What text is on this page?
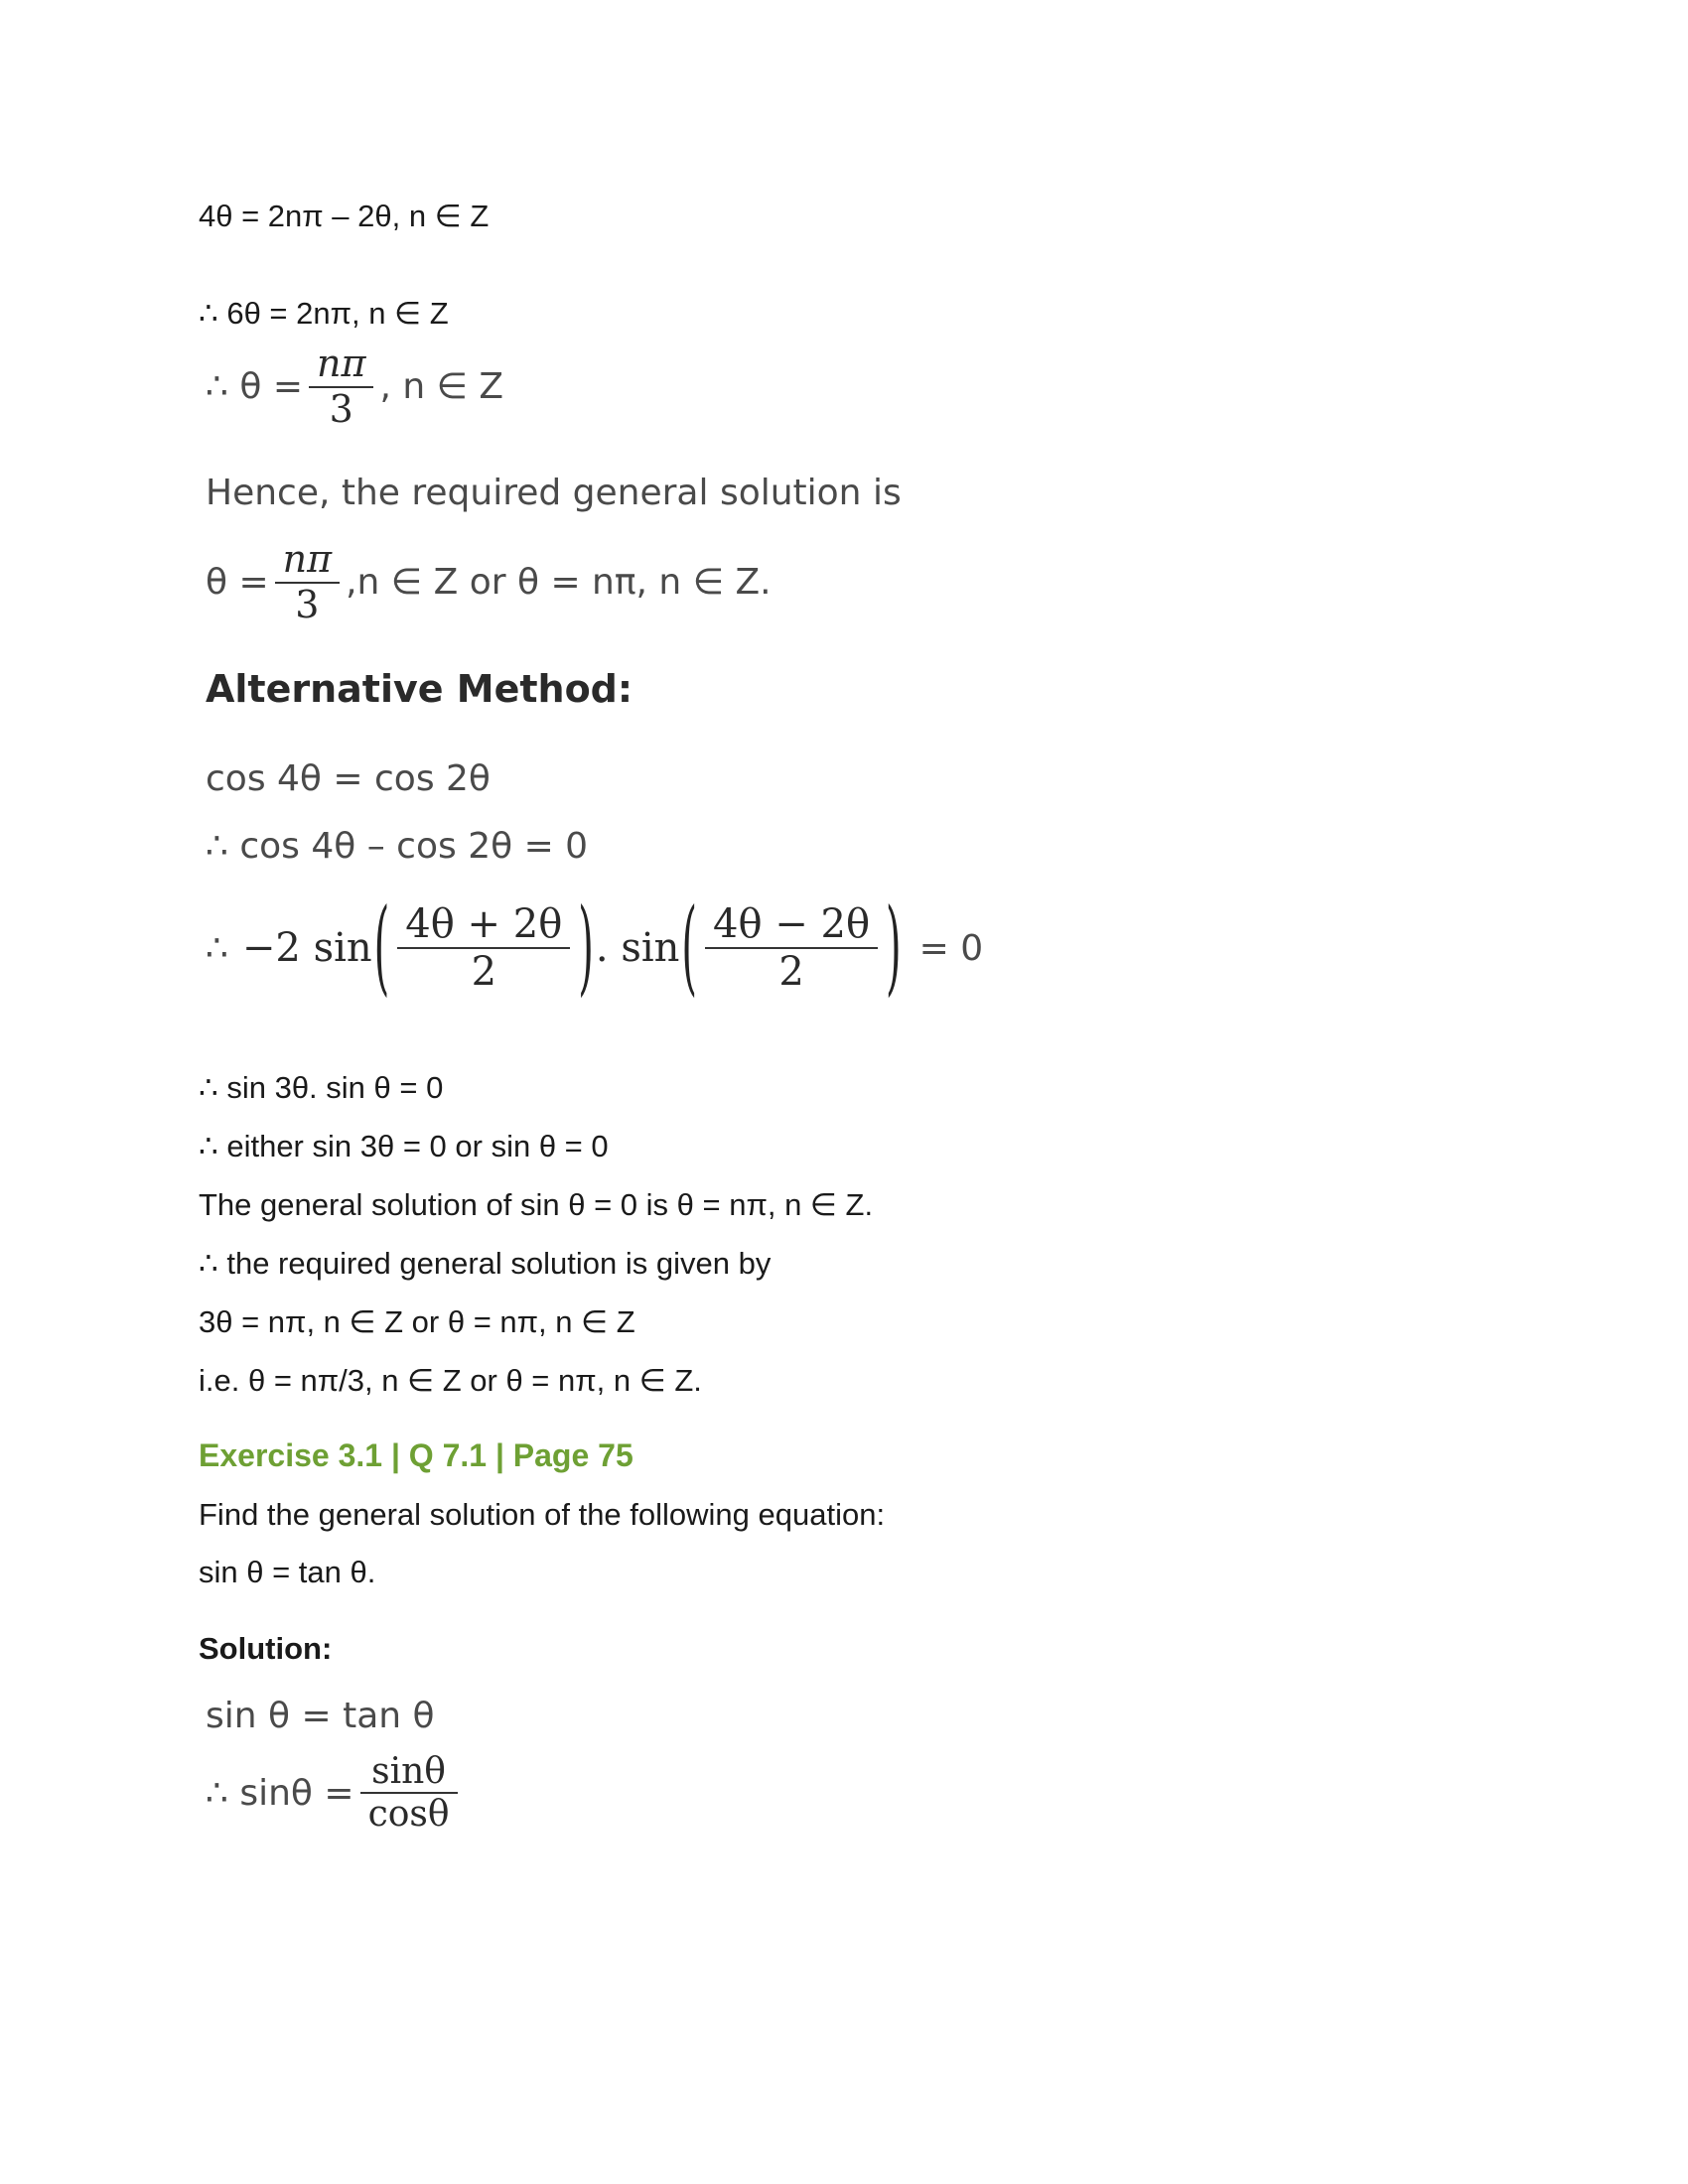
4θ = 2nπ – 2θ, n ∈ Z
∴ 6θ = 2nπ, n ∈ Z
∴ $\theta = \frac{n\pi}{3}$ , n ∈ Z
Hence, the required general solution is
$\theta = \frac{n\pi}{3} ,n$ ∈ Z or θ = nπ, n ∈ Z.
Alternative Method:
cos 4θ = cos 2θ
∴ cos 4θ – cos 2θ = 0
∴ −2 sin ( $\frac{4\theta + 2\theta}{2}$ ) . sin ( $\frac{4\theta - 2\theta}{2}$ ) = 0
∴ sin 3θ. sin θ = 0
∴ either sin 3θ = 0 or sin θ = 0
The general solution of sin θ = 0 is θ = nπ, n ∈ Z.
∴ the required general solution is given by
3θ = nπ, n ∈ Z or θ = nπ, n ∈ Z
i.e. θ = nπ/3, n ∈ Z or θ = nπ, n ∈ Z.
Exercise 3.1 | Q 7.1 | Page 75
Find the general solution of the following equation:
sin θ = tan θ.
Solution:
sin θ = tan θ
∴ $\sin\theta = \frac{\sin\theta}{\cos\theta}$
